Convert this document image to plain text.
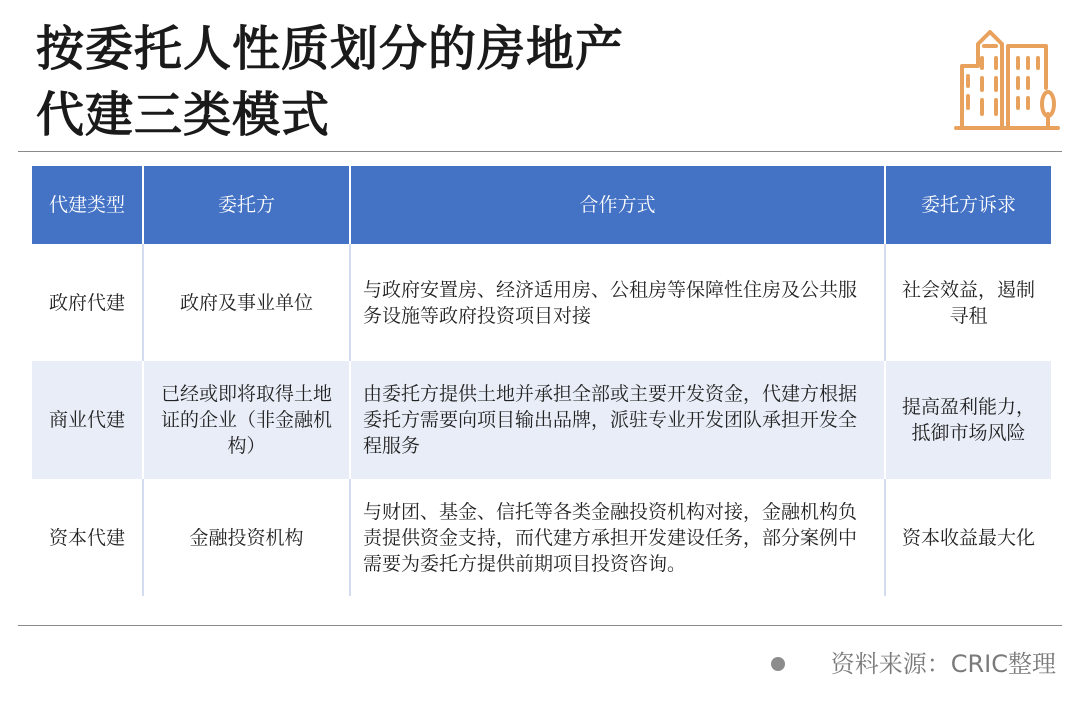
按委托人性质划分的房地产
代建三类模式
代建类型	委托方	合作方式	委托方诉求
政府代建	政府及事业单位	与政府安置房、经济适用房、公租房等保障性住房及公共服务设施等政府投资项目对接	社会效益，遏制寻租
商业代建	已经或即将取得土地证的企业（非金融机构）	由委托方提供土地并承担全部或主要开发资金，代建方根据委托方需要向项目输出品牌，派驻专业开发团队承担开发全程服务	提高盈利能力，抵御市场风险
资本代建	金融投资机构	与财团、基金、信托等各类金融投资机构对接，金融机构负责提供资金支持，而代建方承担开发建设任务，部分案例中需要为委托方提供前期项目投资咨询。	资本收益最大化
资料来源：CRIC整理
